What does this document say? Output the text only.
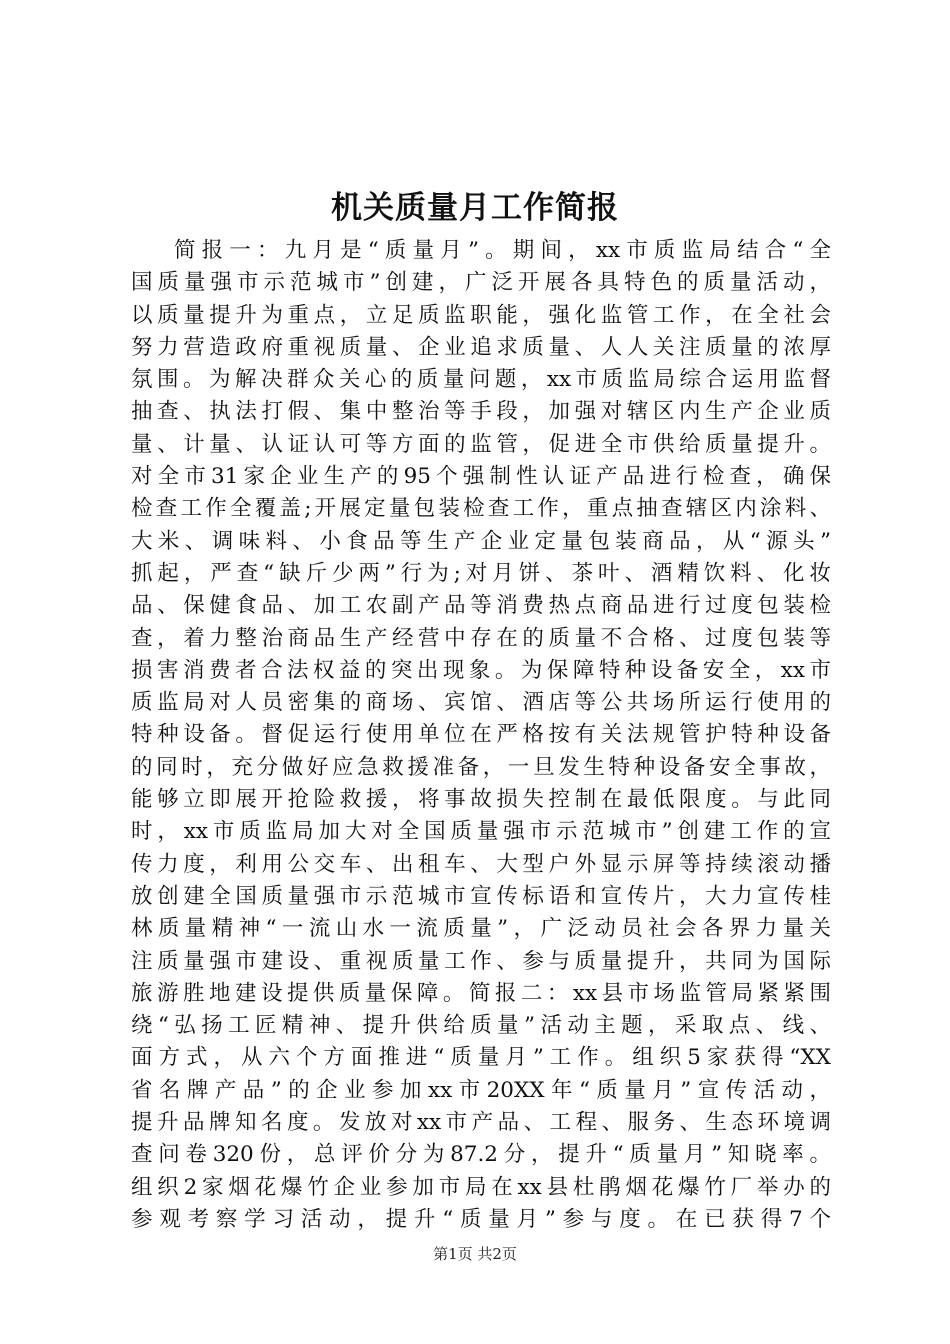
机关质量月工作简报
简报一：九月是“质量月”。期间，xx市质监局结合“全
国质量强市示范城市”创建，广泛开展各具特色的质量活动，
以质量提升为重点，立足质监职能，强化监管工作，在全社会
努力营造政府重视质量、企业追求质量、人人关注质量的浓厚
氛围。为解决群众关心的质量问题，xx市质监局综合运用监督
抽查、执法打假、集中整治等手段，加强对辖区内生产企业质
量、计量、认证认可等方面的监管，促进全市供给质量提升。
对全市31家企业生产的95个强制性认证产品进行检查，确保
检查工作全覆盖;开展定量包装检查工作，重点抽查辖区内涂料、
大米、调味料、小食品等生产企业定量包装商品，从“源头”
抓起，严查“缺斤少两”行为;对月饼、茶叶、酒精饮料、化妆
品、保健食品、加工农副产品等消费热点商品进行过度包装检
查，着力整治商品生产经营中存在的质量不合格、过度包装等
损害消费者合法权益的突出现象。为保障特种设备安全，xx市
质监局对人员密集的商场、宾馆、酒店等公共场所运行使用的
特种设备。督促运行使用单位在严格按有关法规管护特种设备
的同时，充分做好应急救援准备，一旦发生特种设备安全事故，
能够立即展开抢险救援，将事故损失控制在最低限度。与此同
时，xx市质监局加大对全国质量强市示范城市”创建工作的宣
传力度，利用公交车、出租车、大型户外显示屏等持续滚动播
放创建全国质量强市示范城市宣传标语和宣传片，大力宣传桂
林质量精神“一流山水一流质量”，广泛动员社会各界力量关
注质量强市建设、重视质量工作、参与质量提升，共同为国际
旅游胜地建设提供质量保障。简报二：xx县市场监管局紧紧围
绕“弘扬工匠精神、提升供给质量”活动主题，采取点、线、
面方式，从六个方面推进“质量月”工作。组织5家获得“XX
省名牌产品”的企业参加xx市20XX年“质量月”宣传活动，
提升品牌知名度。发放对xx市产品、工程、服务、生态环境调
查问卷320份，总评价分为87.2分，提升“质量月”知晓率。
组织2家烟花爆竹企业参加市局在xx县杜鹃烟花爆竹厂举办的
参观考察学习活动，提升“质量月”参与度。在已获得7个
第1页 共2页
